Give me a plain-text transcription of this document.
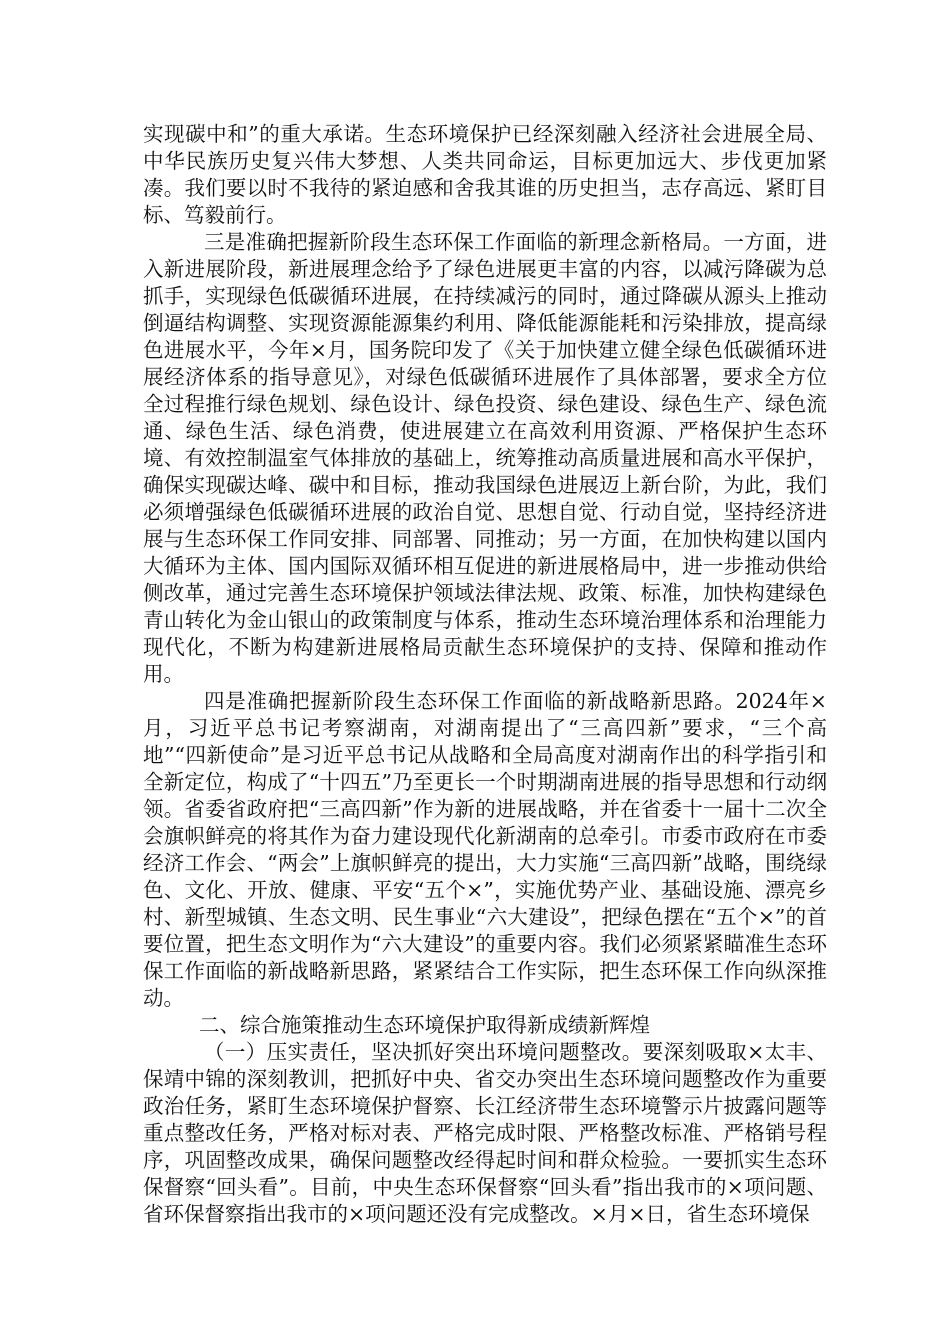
实现碳中和”的重大承诺。生态环境保护已经深刻融入经济社会进展全局、中华民族历史复兴伟大梦想、人类共同命运，目标更加远大、步伐更加紧凑。我们要以时不我待的紧迫感和舍我其谁的历史担当，志存高远、紧盯目标、笃毅前行。

三是准确把握新阶段生态环保工作面临的新理念新格局。一方面，进入新进展阶段，新进展理念给予了绿色进展更丰富的内容，以减污降碳为总抓手，实现绿色低碳循环进展，在持续减污的同时，通过降碳从源头上推动倒逼结构调整、实现资源能源集约利用、降低能源能耗和污染排放，提高绿色进展水平，今年×月，国务院印发了《关于加快建立健全绿色低碳循环进展经济体系的指导意见》，对绿色低碳循环进展作了具体部署，要求全方位全过程推行绿色规划、绿色设计、绿色投资、绿色建设、绿色生产、绿色流通、绿色生活、绿色消费，使进展建立在高效利用资源、严格保护生态环境、有效控制温室气体排放的基础上，统筹推动高质量进展和高水平保护，确保实现碳达峰、碳中和目标，推动我国绿色进展迈上新台阶，为此，我们必须增强绿色低碳循环进展的政治自觉、思想自觉、行动自觉，坚持经济进展与生态环保工作同安排、同部署、同推动；另一方面，在加快构建以国内大循环为主体、国内国际双循环相互促进的新进展格局中，进一步推动供给侧改革，通过完善生态环境保护领域法律法规、政策、标准，加快构建绿色青山转化为金山银山的政策制度与体系，推动生态环境治理体系和治理能力现代化，不断为构建新进展格局贡献生态环境保护的支持、保障和推动作用。

四是准确把握新阶段生态环保工作面临的新战略新思路。2024年×月，习近平总书记考察湖南，对湖南提出了“三高四新”要求，“三个高地”“四新使命”是习近平总书记从战略和全局高度对湖南作出的科学指引和全新定位，构成了“十四五”乃至更长一个时期湖南进展的指导思想和行动纲领。省委省政府把“三高四新”作为新的进展战略，并在省委十一届十二次全会旗帜鲜亮的将其作为奋力建设现代化新湖南的总牵引。市委市政府在市委经济工作会、“两会”上旗帜鲜亮的提出，大力实施“三高四新”战略，围绕绿色、文化、开放、健康、平安“五个×”，实施优势产业、基础设施、漂亮乡村、新型城镇、生态文明、民生事业“六大建设”，把绿色摆在“五个×”的首要位置，把生态文明作为“六大建设”的重要内容。我们必须紧紧瞄准生态环保工作面临的新战略新思路，紧紧结合工作实际，把生态环保工作向纵深推动。

二、综合施策推动生态环境保护取得新成绩新辉煌

（一）压实责任，坚决抓好突出环境问题整改。要深刻吸取×太丰、保靖中锦的深刻教训，把抓好中央、省交办突出生态环境问题整改作为重要政治任务，紧盯生态环境保护督察、长江经济带生态环境警示片披露问题等重点整改任务，严格对标对表、严格完成时限、严格整改标准、严格销号程序，巩固整改成果，确保问题整改经得起时间和群众检验。一要抓实生态环保督察“回头看”。目前，中央生态环保督察“回头看”指出我市的×项问题、省环保督察指出我市的×项问题还没有完成整改。×月×日，省生态环境保
